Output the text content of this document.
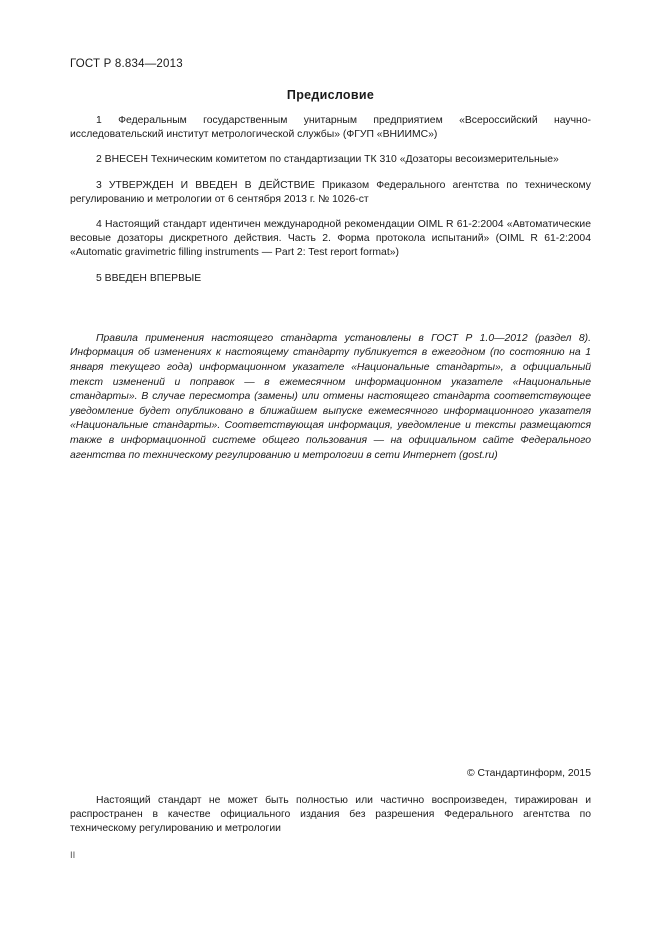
ГОСТ Р 8.834—2013
Предисловие

1 Федеральным государственным унитарным предприятием «Всероссийский научно-исследовательский институт метрологической службы» (ФГУП «ВНИИМС»)

2 ВНЕСЕН Техническим комитетом по стандартизации ТК 310 «Дозаторы весоизмерительные»

3 УТВЕРЖДЕН И ВВЕДЕН В ДЕЙСТВИЕ Приказом Федерального агентства по техническому регулированию и метрологии от 6 сентября 2013 г. № 1026-ст

4 Настоящий стандарт идентичен международной рекомендации OIML R 61-2:2004 «Автоматические весовые дозаторы дискретного действия. Часть 2. Форма протокола испытаний» (OIML R 61-2:2004 «Automatic gravimetric filling instruments — Part 2: Test report format»)

5 ВВЕДЕН ВПЕРВЫЕ

Правила применения настоящего стандарта установлены в ГОСТ Р 1.0—2012 (раздел 8). Информация об изменениях к настоящему стандарту публикуется в ежегодном (по состоянию на 1 января текущего года) информационном указателе «Национальные стандарты», а официальный текст изменений и поправок — в ежемесячном информационном указателе «Национальные стандарты». В случае пересмотра (замены) или отмены настоящего стандарта соответствующее уведомление будет опубликовано в ближайшем выпуске ежемесячного информационного указателя «Национальные стандарты». Соответствующая информация, уведомление и тексты размещаются также в информационной системе общего пользования — на официальном сайте Федерального агентства по техническому регулированию и метрологии в сети Интернет (gost.ru)

© Стандартинформ, 2015
Настоящий стандарт не может быть полностью или частично воспроизведен, тиражирован и распространен в качестве официального издания без разрешения Федерального агентства по техническому регулированию и метрологии
II
